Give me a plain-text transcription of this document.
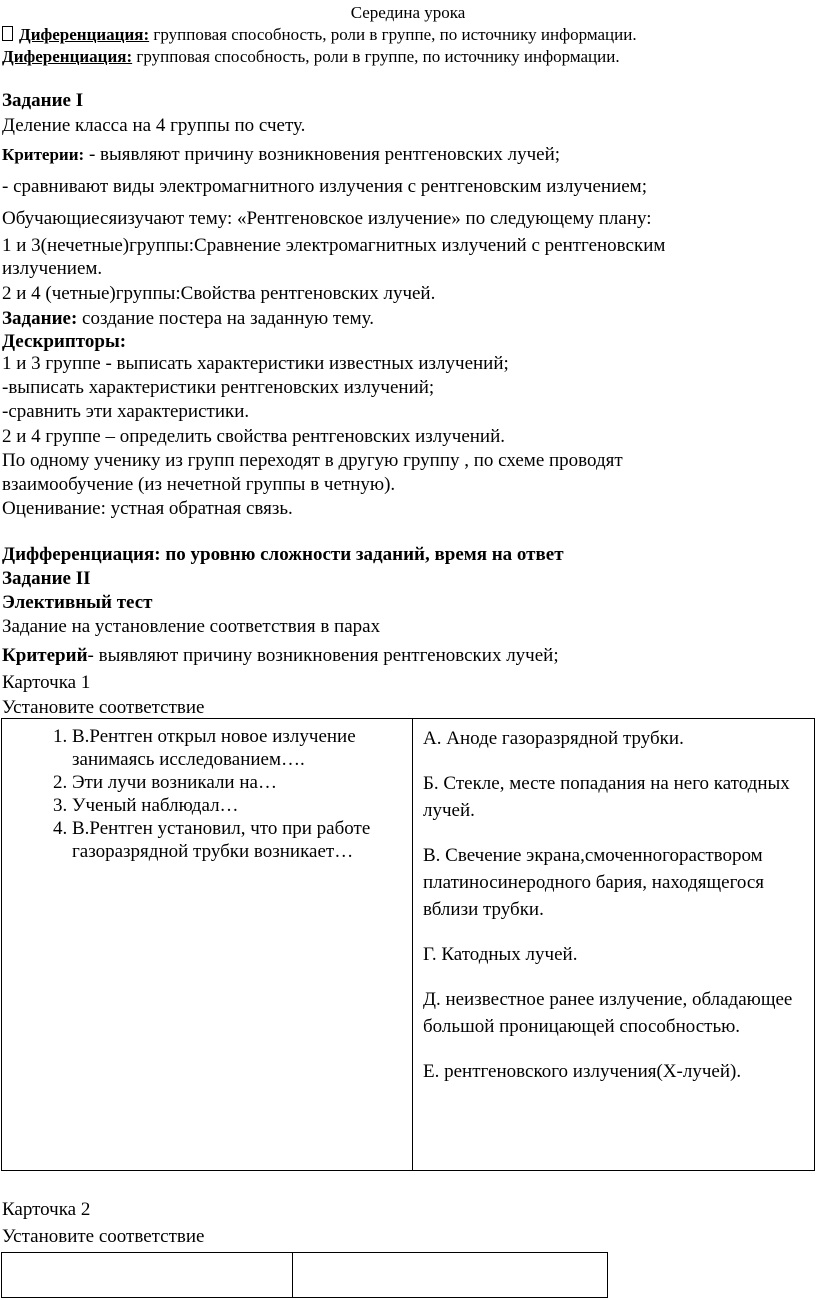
Середина урока
Диференциация: групповая способность, роли в группе, по источнику информации.
Диференциация: групповая способность, роли в группе, по источнику информации.
Задание I
Деление класса на 4 группы по счету.
Критерии: - выявляют причину возникновения рентгеновских лучей;
- сравнивают виды электромагнитного излучения с рентгеновским излучением;
Обучающиесяизучают тему: «Рентгеновское излучение» по следующему плану:
1 и 3(нечетные)группы:Сравнение электромагнитных излучений с рентгеновским
излучением.
2 и 4 (четные)группы:Свойства рентгеновских лучей.
Задание: создание постера на заданную тему.
Дескрипторы:
1 и 3 группе - выписать характеристики известных излучений;
-выписать характеристики рентгеновских излучений;
-сравнить эти характеристики.
2 и 4 группе – определить свойства рентгеновских излучений.
По одному ученику из групп переходят в другую группу , по схеме проводят
взаимообучение (из нечетной группы в четную).
Оценивание: устная обратная связь.
Дифференциация: по уровню сложности заданий, время на ответ
Задание II
Элективный тест
Задание на установление соответствия в парах
Критерий- выявляют причину возникновения рентгеновских лучей;
Карточка 1
Установите соответствие
1. В.Рентген открыл новое излучение занимаясь исследованием….
2. Эти лучи возникали на…
3. Ученый наблюдал…
4. В.Рентген установил, что при работе газоразрядной трубки возникает…

А. Аноде газоразрядной трубки.

Б. Стекле, месте попадания на него катодных лучей.

В. Свечение экрана,смоченногораствором платиносинеродного бария, находящегося вблизи трубки.

Г. Катодных лучей.

Д. неизвестное ранее излучение, обладающее большой проницающей способностью.

Е. рентгеновского излучения(Х-лучей).

Карточка 2
Установите соответствие
